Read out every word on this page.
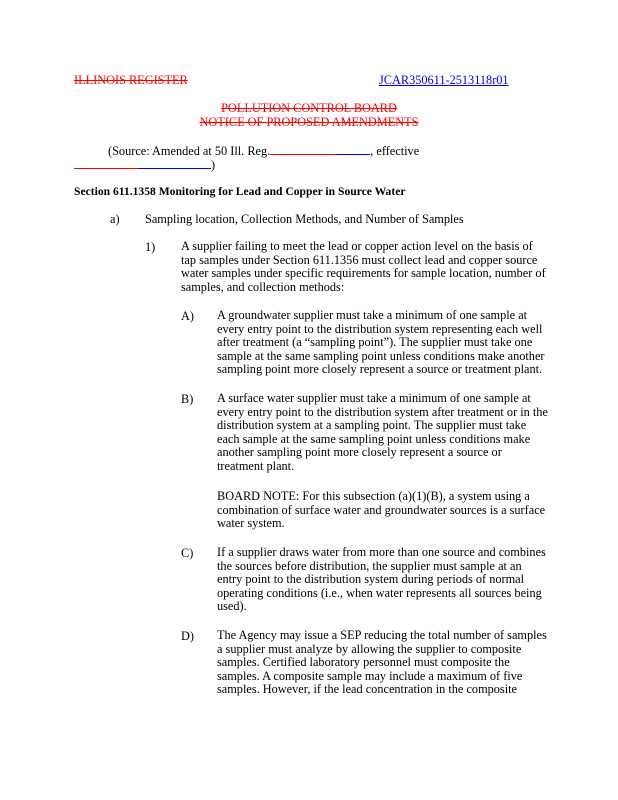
ILLINOIS REGISTER	JCAR350611-2513118r01
POLLUTION CONTROL BOARD
NOTICE OF PROPOSED AMENDMENTS
(Source: Amended at 50 Ill. Reg.	, effective
)
Section 611.1358 Monitoring for Lead and Copper in Source Water
a) Sampling location, Collection Methods, and Number of Samples
1) A supplier failing to meet the lead or copper action level on the basis of

tap samples under Section 611.1356 must collect lead and copper source

water samples under specific requirements for sample location, number of

samples, and collection methods:

A) A groundwater supplier must take a minimum of one sample at

every entry point to the distribution system representing each well

after treatment (a “sampling point”). The supplier must take one

sample at the same sampling point unless conditions make another

sampling point more closely represent a source or treatment plant.

B) A surface water supplier must take a minimum of one sample at

every entry point to the distribution system after treatment or in the

distribution system at a sampling point. The supplier must take

each sample at the same sampling point unless conditions make

another sampling point more closely represent a source or

treatment plant.

BOARD NOTE: For this subsection (a)(1)(B), a system using a

combination of surface water and groundwater sources is a surface

water system.

C) If a supplier draws water from more than one source and combines

the sources before distribution, the supplier must sample at an

entry point to the distribution system during periods of normal

operating conditions (i.e., when water represents all sources being

used).

D) The Agency may issue a SEP reducing the total number of samples

a supplier must analyze by allowing the supplier to composite

samples. Certified laboratory personnel must composite the

samples. A composite sample may include a maximum of five

samples. However, if the lead concentration in the composite
